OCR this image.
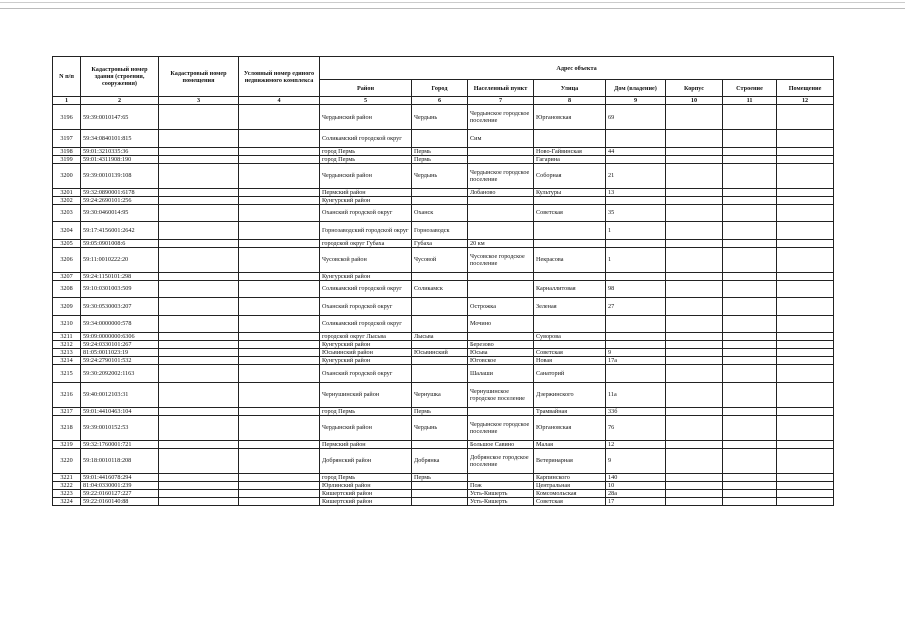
N п/п	Кадастровый номер здания (строения, сооружения)	Кадастровый номер помещения	Условный номер единого недвижимого комплекса	Адрес объекта							
				Район	Город	Населенный пункт	Улица	Дом (владение)	Корпус	Строение	Помещение
1	2	3	4	5	6	7	8	9	10	11	12
3196	59:39:0010147:65			Чердынский район	Чердынь	Чердынское городское поселение	Юргановская	69			
3197	59:34:0840101:815			Соликамский городской округ		Сим					
3198	59:01:3210335:36			город Пермь	Пермь		Ново-Гайвинская	44			
3199	59:01:4311908:190			город Пермь	Пермь		Гагарина				
3200	59:39:0010139:108			Чердынский район	Чердынь	Чердынское городское поселение	Соборная	21			
3201	59:32:0890001:6178			Пермский район		Лобаново	Культуры	13			
3202	59:24:2690101:256			Кунгурский район							
3203	59:30:0460014:95			Оханский городской округ	Оханск		Советская	35			
3204	59:17:4156001:2642			Горнозаводский городской округ	Горнозаводск			1			
3205	59:05:0901008:6			городской округ Губаха	Губаха	20 км					
3206	59:11:0010222:20			Чусовской район	Чусовой	Чусовское городское поселение	Некрасова	1			
3207	59:24:1150101:298			Кунгурский район							
3208	59:10:0301003:509			Соликамский городской округ	Соликамск		Карналлитовая	98			
3209	59:30:0530003:207			Оханский городской округ		Острожка	Зеленая	27			
3210	59:34:0000000:578			Соликамский городской округ		Мочино					
3211	59:09:0000000:6306			городской округ Лысьва	Лысьва		Суворова				
3212	59:24:0330101:267			Кунгурский район		Березово					
3213	81:05:0011023:19			Юсьвинский район	Юсьвинский	Юсьва	Советская	9			
3214	59:24:2790101:532			Кунгурский район		Юговское	Новая	17а			
3215	59:30:2092002:1163			Оханский городской округ		Шалаши	Санаторий				
3216	59:40:0012103:31			Чернушинский район	Чернушка	Чернушинское городское поселение	Дзержинского	11а			
3217	59:01:4410463:104			город Пермь	Пермь		Трамвайная	33б			
3218	59:39:0010152:53			Чердынский район	Чердынь	Чердынское городское поселение	Юргановская	76			
3219	59:32:1760001:721			Пермский район		Большое Савино	Малая	12			
3220	59:18:0010118:208			Добрянский район	Добрянка	Добрянское городское поселение	Ветеринарная	9			
3221	59:01:4416078:294			город Пермь	Пермь		Карпинского	140			
3222	81:04:0330001:239			Юрлинский район		Пож	Центральная	10			
3223	59:22:0160127:227			Кишертский район		Усть-Кишерть	Комсомольская	28а			
3224	59:22:0160140:88			Кишертский район		Усть-Кишерть	Советская	17			
